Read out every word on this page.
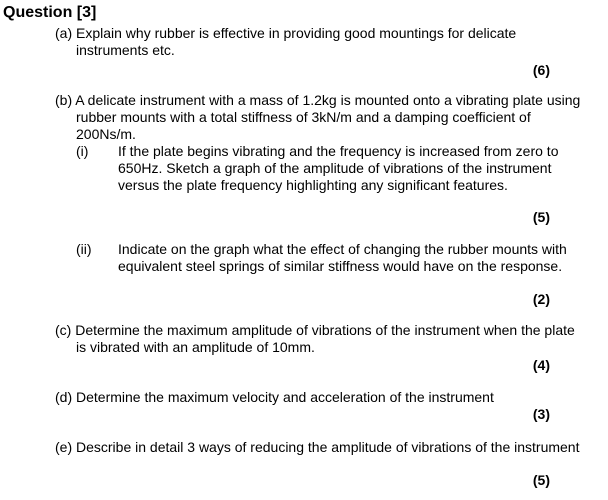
Question [3]
(a) Explain why rubber is effective in providing good mountings for delicate
instruments etc.
(6)
(b) A delicate instrument with a mass of 1.2kg is mounted onto a vibrating plate using
rubber mounts with a total stiffness of 3kN/m and a damping coefficient of
200Ns/m.
(i) If the plate begins vibrating and the frequency is increased from zero to
650Hz. Sketch a graph of the amplitude of vibrations of the instrument
versus the plate frequency highlighting any significant features.
(5)
(ii) Indicate on the graph what the effect of changing the rubber mounts with
equivalent steel springs of similar stiffness would have on the response.
(2)
(c) Determine the maximum amplitude of vibrations of the instrument when the plate
is vibrated with an amplitude of 10mm.
(4)
(d) Determine the maximum velocity and acceleration of the instrument
(3)
(e) Describe in detail 3 ways of reducing the amplitude of vibrations of the instrument
(5)
